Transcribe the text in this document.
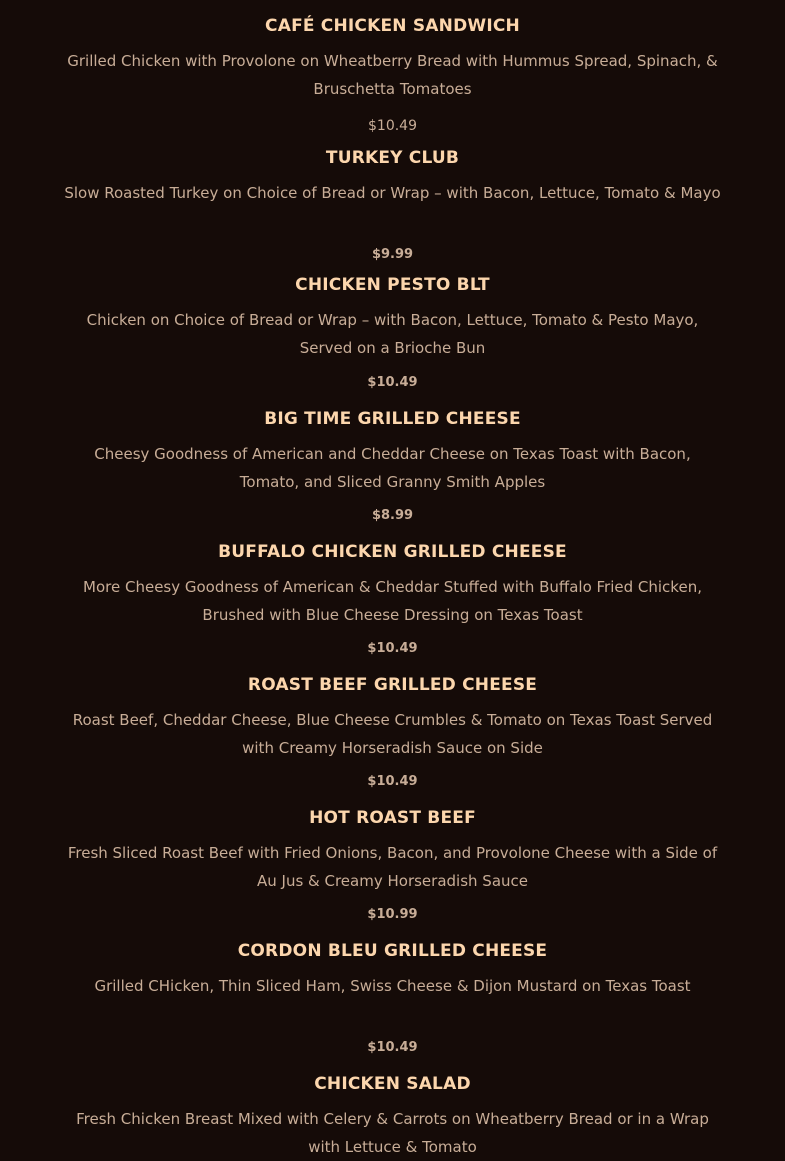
CAFÉ CHICKEN SANDWICH

Grilled Chicken with Provolone on Wheatberry Bread with Hummus Spread, Spinach, & Bruschetta Tomatoes

$10.49
TURKEY CLUB

Slow Roasted Turkey on Choice of Bread or Wrap – with Bacon, Lettuce, Tomato & Mayo

$9.99
CHICKEN PESTO BLT

Chicken on Choice of Bread or Wrap – with Bacon, Lettuce, Tomato & Pesto Mayo, Served on a Brioche Bun

$10.49
BIG TIME GRILLED CHEESE

Cheesy Goodness of American and Cheddar Cheese on Texas Toast with Bacon, Tomato, and Sliced Granny Smith Apples

$8.99
BUFFALO CHICKEN GRILLED CHEESE

More Cheesy Goodness of American & Cheddar Stuffed with Buffalo Fried Chicken, Brushed with Blue Cheese Dressing on Texas Toast

$10.49
ROAST BEEF GRILLED CHEESE

Roast Beef, Cheddar Cheese, Blue Cheese Crumbles & Tomato on Texas Toast Served with Creamy Horseradish Sauce on Side

$10.49
HOT ROAST BEEF

Fresh Sliced Roast Beef with Fried Onions, Bacon, and Provolone Cheese with a Side of Au Jus & Creamy Horseradish Sauce

$10.99
CORDON BLEU GRILLED CHEESE

Grilled CHicken, Thin Sliced Ham, Swiss Cheese & Dijon Mustard on Texas Toast

$10.49
CHICKEN SALAD

Fresh Chicken Breast Mixed with Celery & Carrots on Wheatberry Bread or in a Wrap with Lettuce & Tomato
